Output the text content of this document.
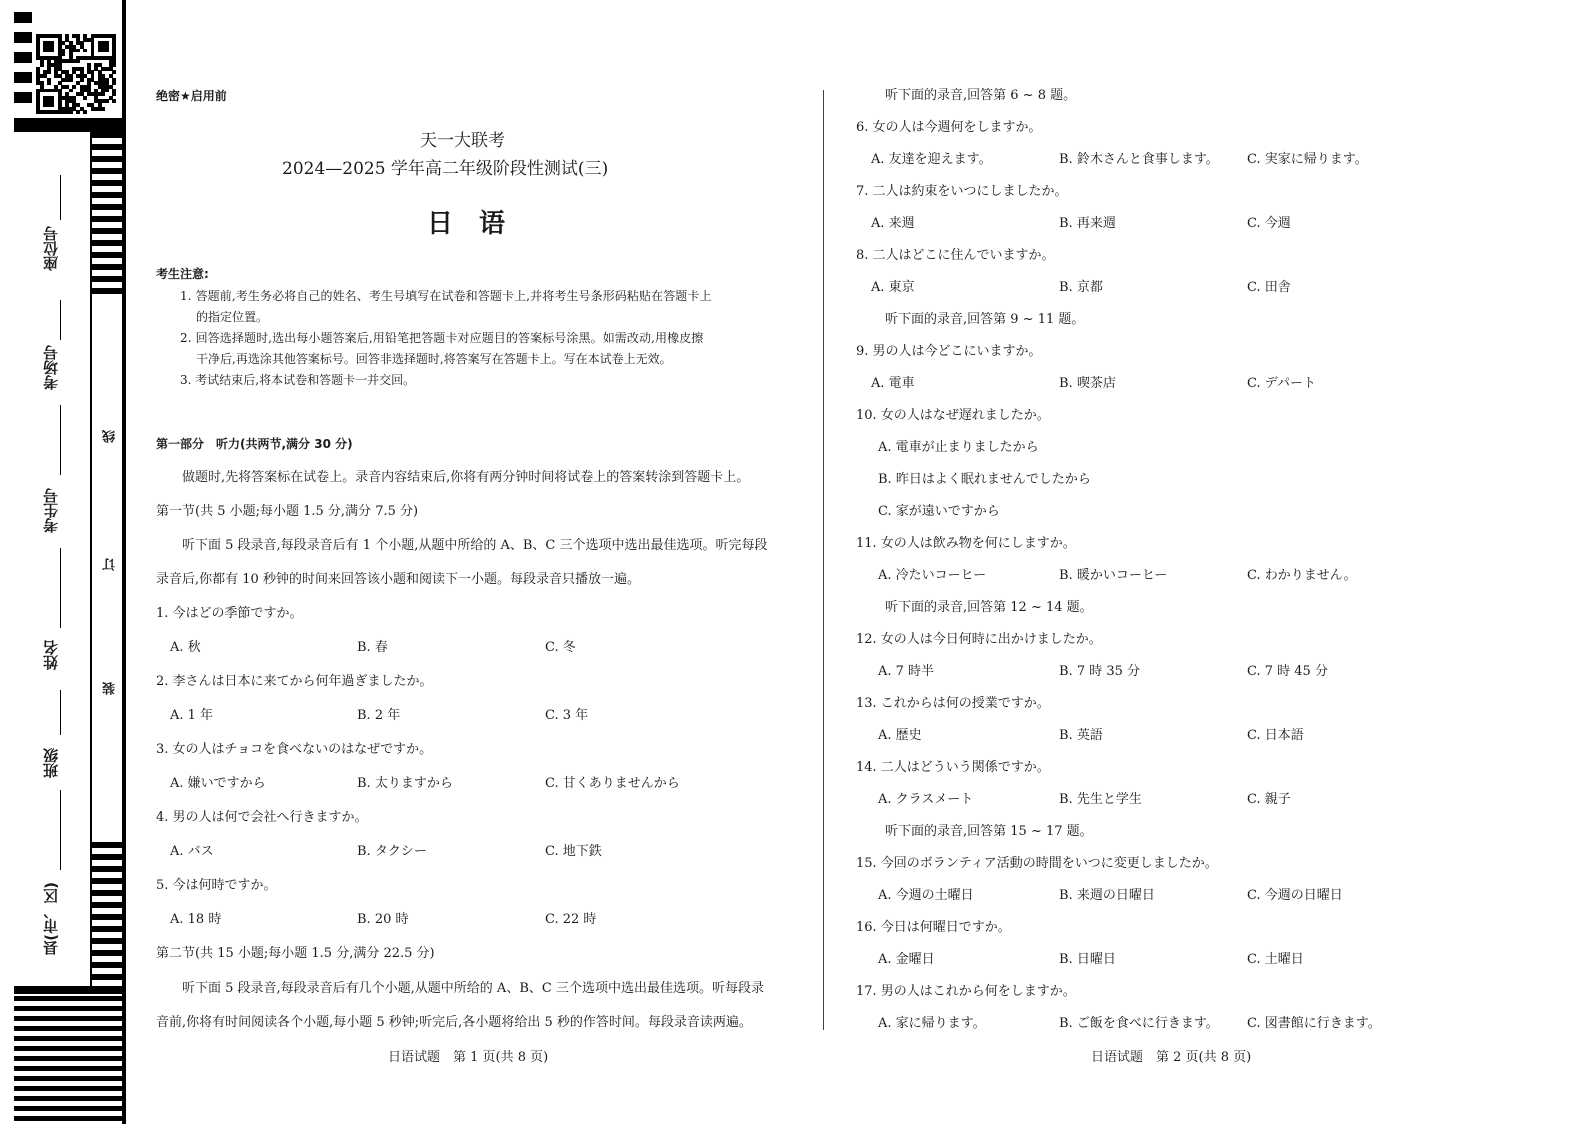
座位号
考场号
考生号
姓名
班级
县(市、区)
线
订
装
绝密★启用前
天一大联考
2024—2025 学年高二年级阶段性测试(三)
日　语
考生注意:
1. 答题前,考生务必将自己的姓名、考生号填写在试卷和答题卡上,并将考生号条形码粘贴在答题卡上
的指定位置。
2. 回答选择题时,选出每小题答案后,用铅笔把答题卡对应题目的答案标号涂黑。如需改动,用橡皮擦
干净后,再选涂其他答案标号。回答非选择题时,将答案写在答题卡上。写在本试卷上无效。
3. 考试结束后,将本试卷和答题卡一并交回。
第一部分　听力(共两节,满分 30 分)
做题时,先将答案标在试卷上。录音内容结束后,你将有两分钟时间将试卷上的答案转涂到答题卡上。
第一节(共 5 小题;每小题 1.5 分,满分 7.5 分)
听下面 5 段录音,每段录音后有 1 个小题,从题中所给的 A、B、C 三个选项中选出最佳选项。听完每段
录音后,你都有 10 秒钟的时间来回答该小题和阅读下一小题。每段录音只播放一遍。
1. 今はどの季節ですか。
A. 秋	B. 春	C. 冬
2. 李さんは日本に来てから何年過ぎましたか。
A. 1 年	B. 2 年	C. 3 年
3. 女の人はチョコを食べないのはなぜですか。
A. 嫌いですから	B. 太りますから	C. 甘くありませんから
4. 男の人は何で会社へ行きますか。
A. バス	B. タクシー	C. 地下鉄
5. 今は何時ですか。
A. 18 時	B. 20 時	C. 22 時
第二节(共 15 小题;每小题 1.5 分,满分 22.5 分)
听下面 5 段录音,每段录音后有几个小题,从题中所给的 A、B、C 三个选项中选出最佳选项。听每段录
音前,你将有时间阅读各个小题,每小题 5 秒钟;听完后,各小题将给出 5 秒的作答时间。每段录音读两遍。
日语试题　第 1 页(共 8 页)
听下面的录音,回答第 6 ~ 8 题。
6. 女の人は今週何をしますか。
A. 友達を迎えます。	B. 鈴木さんと食事します。 C. 実家に帰ります。
7. 二人は約束をいつにしましたか。
A. 来週	B. 再来週	C. 今週
8. 二人はどこに住んでいますか。
A. 東京	B. 京都	C. 田舎
听下面的录音,回答第 9 ~ 11 题。
9. 男の人は今どこにいますか。
A. 電車	B. 喫茶店	C. デパート
10. 女の人はなぜ遅れましたか。
A. 電車が止まりましたから
B. 昨日はよく眠れませんでしたから
C. 家が遠いですから
11. 女の人は飲み物を何にしますか。
A. 冷たいコーヒー	B. 暖かいコーヒー	C. わかりません。
听下面的录音,回答第 12 ~ 14 题。
12. 女の人は今日何時に出かけましたか。
A. 7 時半	B. 7 時 35 分	C. 7 時 45 分
13. これからは何の授業ですか。
A. 歴史	B. 英語	C. 日本語
14. 二人はどういう関係ですか。
A. クラスメート	B. 先生と学生	C. 親子
听下面的录音,回答第 15 ~ 17 题。
15. 今回のボランティア活動の時間をいつに変更しましたか。
A. 今週の土曜日	B. 来週の日曜日	C. 今週の日曜日
16. 今日は何曜日ですか。
A. 金曜日	B. 日曜日	C. 土曜日
17. 男の人はこれから何をしますか。
A. 家に帰ります。	B. ご飯を食べに行きます。 C. 図書館に行きます。
日语试题　第 2 页(共 8 页)
